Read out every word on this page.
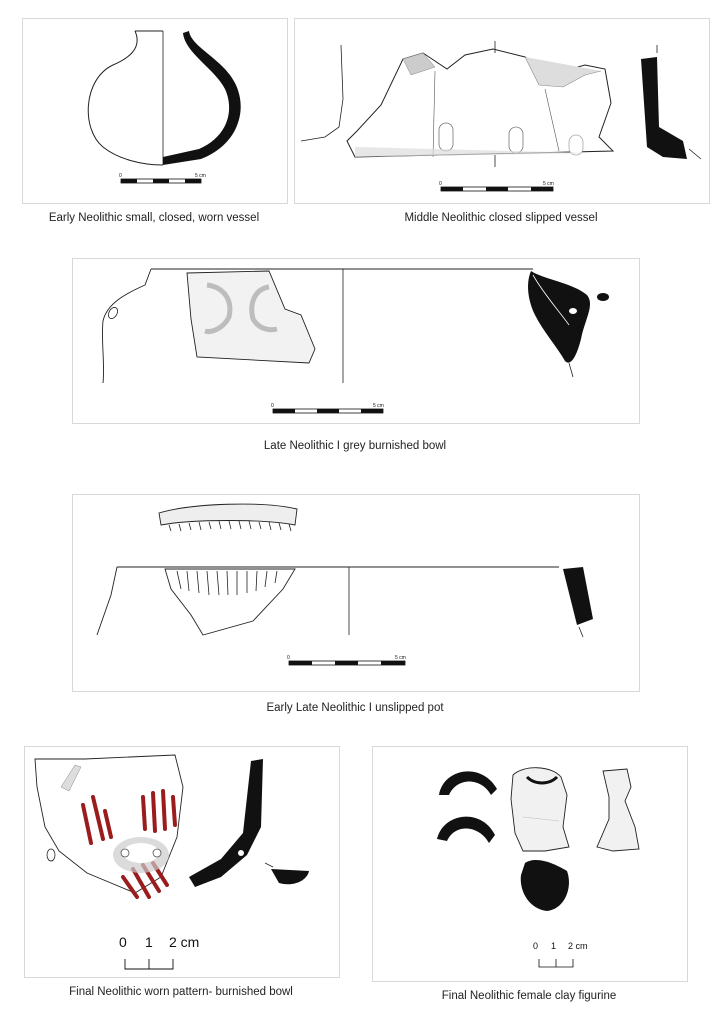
0	5 cm
Early Neolithic small, closed, worn vessel
0	5 cm
Middle Neolithic closed slipped vessel
0	5 cm
Late Neolithic I grey burnished bowl
0	5 cm
Early Late Neolithic I unslipped pot
0 1 2 cm
Final Neolithic worn pattern- burnished bowl
0 1 2 cm
Final Neolithic female clay figurine
